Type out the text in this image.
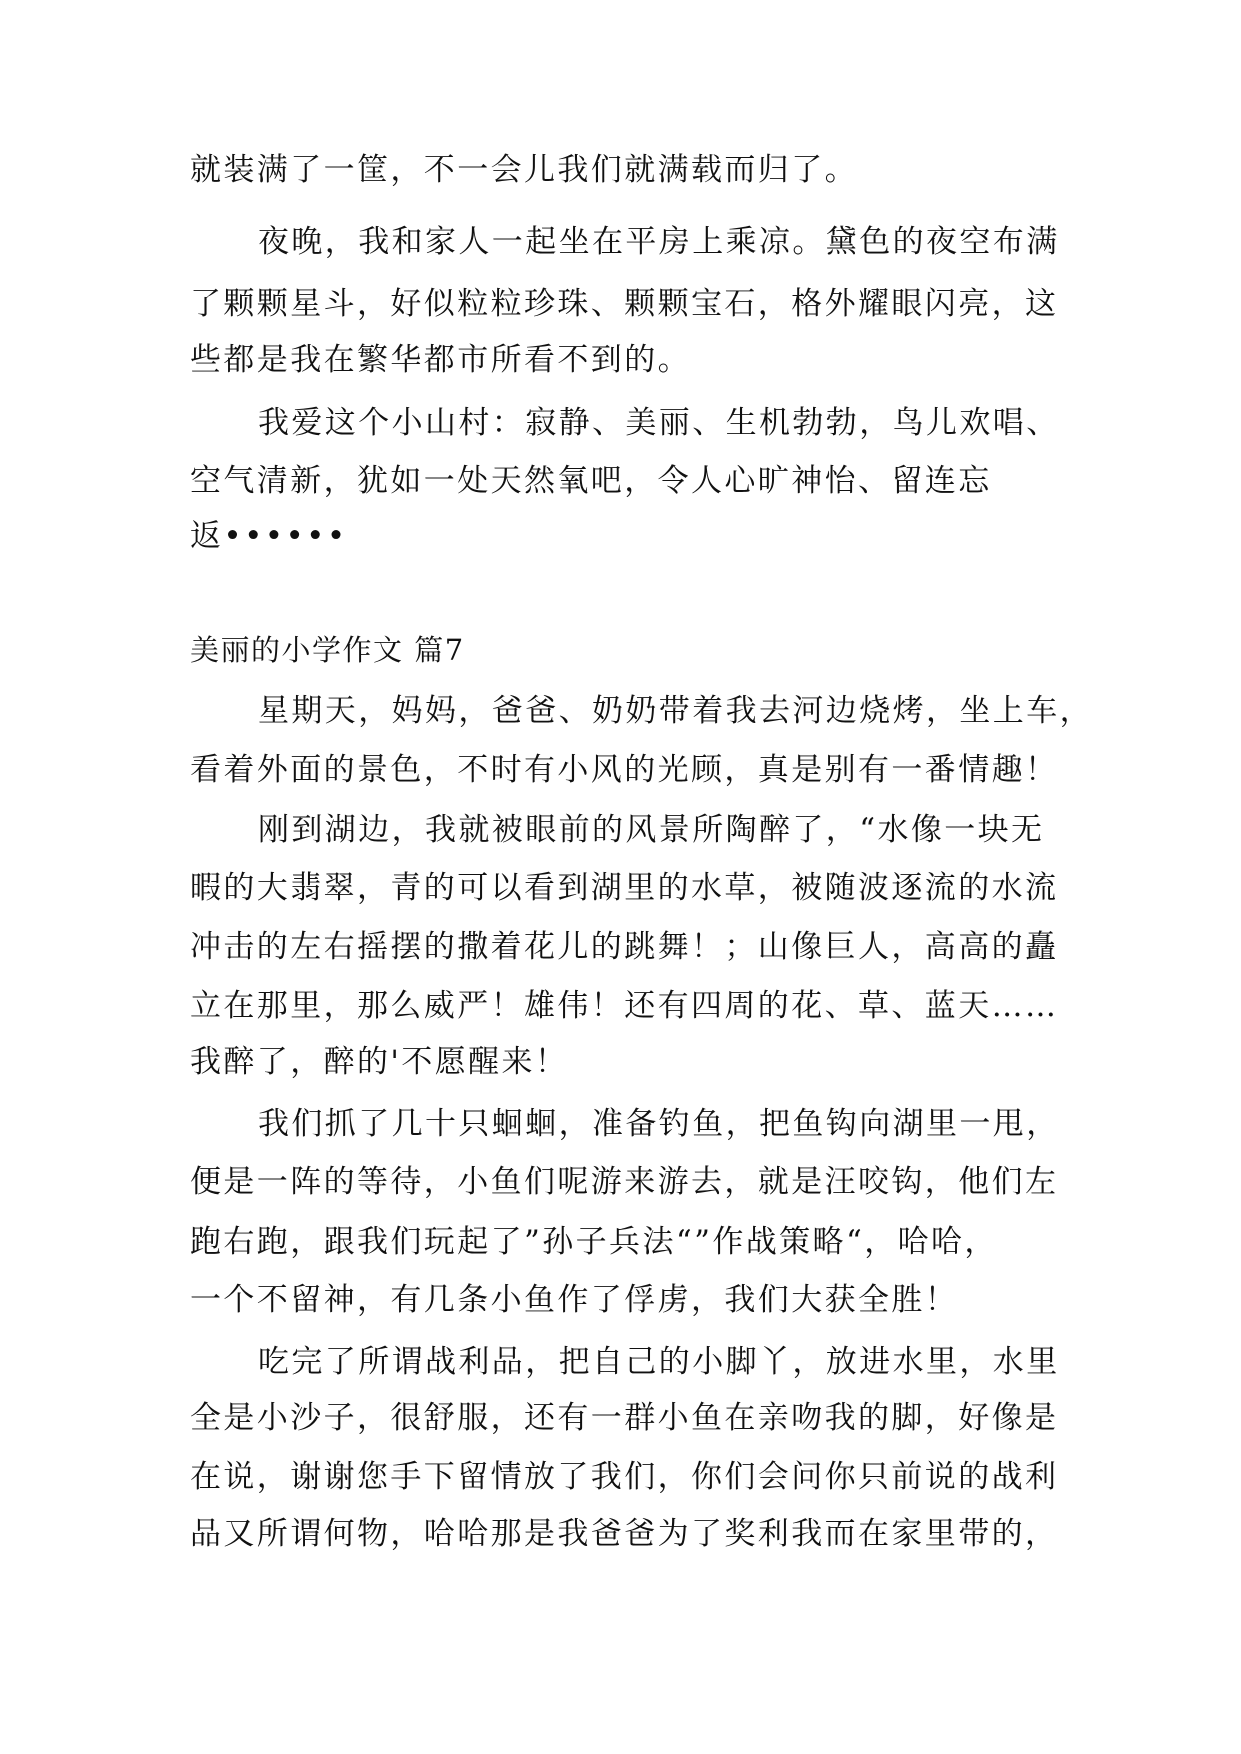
就装满了一筐，不一会儿我们就满载而归了。
夜晚，我和家人一起坐在平房上乘凉。黛色的夜空布满
了颗颗星斗，好似粒粒珍珠、颗颗宝石，格外耀眼闪亮，这
些都是我在繁华都市所看不到的。
我爱这个小山村：寂静、美丽、生机勃勃，鸟儿欢唱、
空气清新，犹如一处天然氧吧，令人心旷神怡、留连忘
返••••••
美丽的小学作文 篇7
星期天，妈妈，爸爸、奶奶带着我去河边烧烤，坐上车，
看着外面的景色，不时有小风的光顾，真是别有一番情趣！
刚到湖边，我就被眼前的风景所陶醉了，“水像一块无
暇的大翡翠，青的可以看到湖里的水草，被随波逐流的水流
冲击的左右摇摆的撒着花儿的跳舞！；山像巨人，高高的矗
立在那里，那么威严！雄伟！还有四周的花、草、蓝天……
我醉了，醉的'不愿醒来！
我们抓了几十只蛔蛔，准备钓鱼，把鱼钩向湖里一甩，
便是一阵的等待，小鱼们呢游来游去，就是汪咬钩，他们左
跑右跑，跟我们玩起了”孙子兵法“”作战策略“，哈哈，
一个不留神，有几条小鱼作了俘虏，我们大获全胜！
吃完了所谓战利品，把自己的小脚丫，放进水里，水里
全是小沙子，很舒服，还有一群小鱼在亲吻我的脚，好像是
在说，谢谢您手下留情放了我们，你们会问你只前说的战利
品又所谓何物，哈哈那是我爸爸为了奖利我而在家里带的，
